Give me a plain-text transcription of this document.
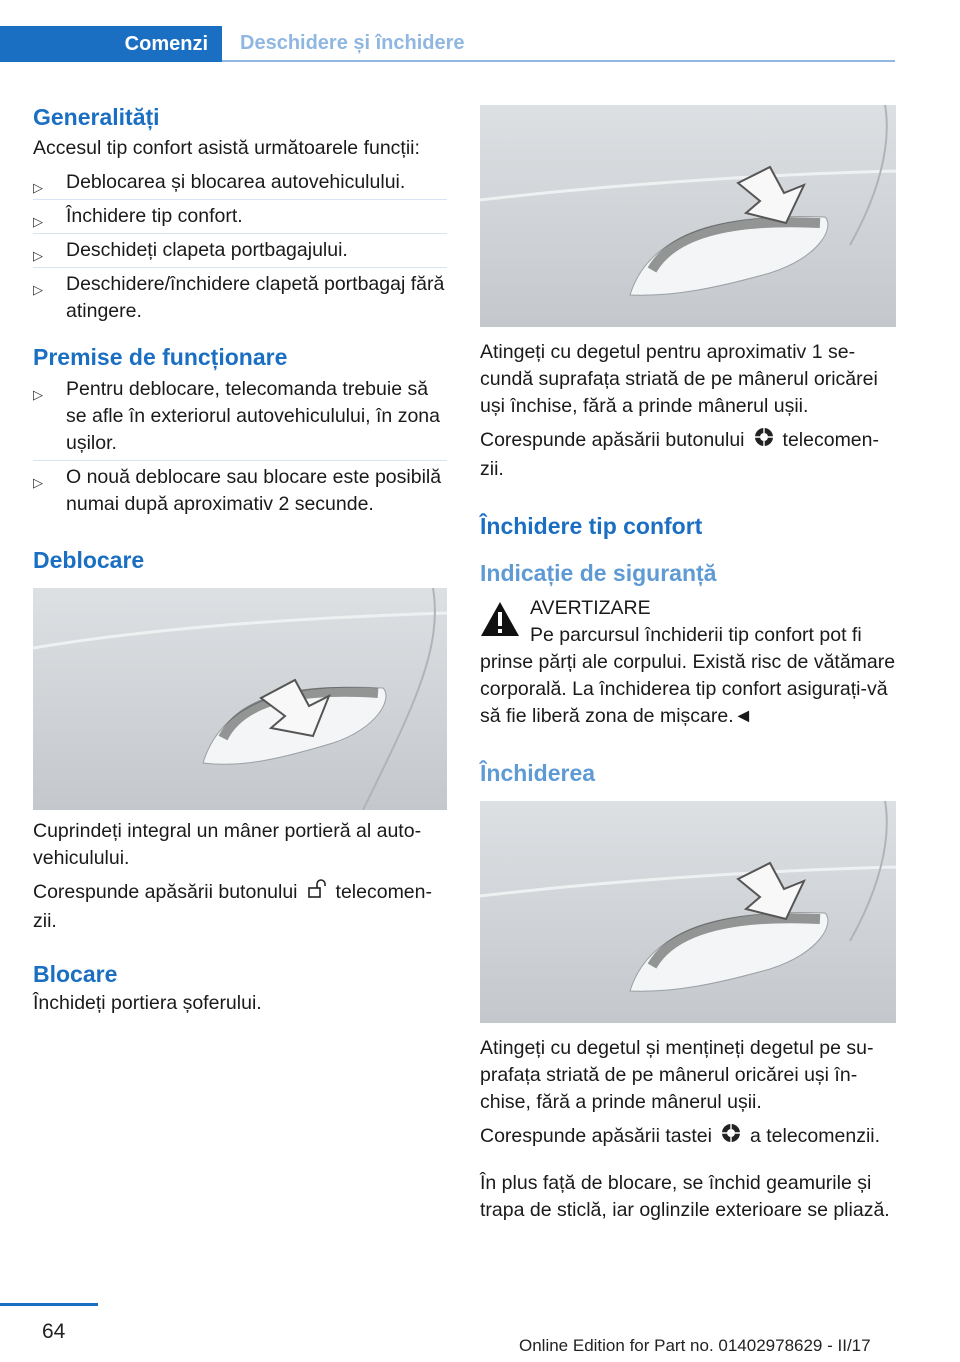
Comenzi	Deschidere și închidere
Generalități

Accesul tip confort asistă următoarele funcții:

▷ Deblocarea și blocarea autovehiculului.
▷ Închidere tip confort.
▷ Deschideți clapeta portbagajului.
▷ Deschidere/închidere clapetă portbagaj fără atingere.
Premise de funcționare
▷ Pentru deblocare, telecomanda trebuie să se afle în exteriorul autovehiculului, în zona ușilor.
▷ O nouă deblocare sau blocare este posibilă numai după aproximativ 2 secunde.
Deblocare

Cuprindeți integral un mâner portieră al autovehiculului.

Corespunde apăsării butonului telecomenzii.

Blocare

Închideți portiera șoferului.

Atingeți cu degetul pentru aproximativ 1 secundă suprafața striată de pe mânerul oricărei uși închise, fără a prinde mânerul ușii.

Corespunde apăsării butonului telecomenzii.

Închidere tip confort
Indicație de siguranță

AVERTIZARE

Pe parcursul închiderii tip confort pot fi prinse părți ale corpului. Există risc de vătămare corporală. La închiderea tip confort asigurați-vă să fie liberă zona de mișcare.◄

Închiderea

Atingeți cu degetul și mențineți degetul pe suprafața striată de pe mânerul oricărei uși închise, fără a prinde mânerul ușii.

Corespunde apăsării tastei a telecomenzii.

În plus față de blocare, se închid geamurile și trapa de sticlă, iar oglinzile exterioare se pliază.

64
Online Edition for Part no. 01402978629 - II/17
